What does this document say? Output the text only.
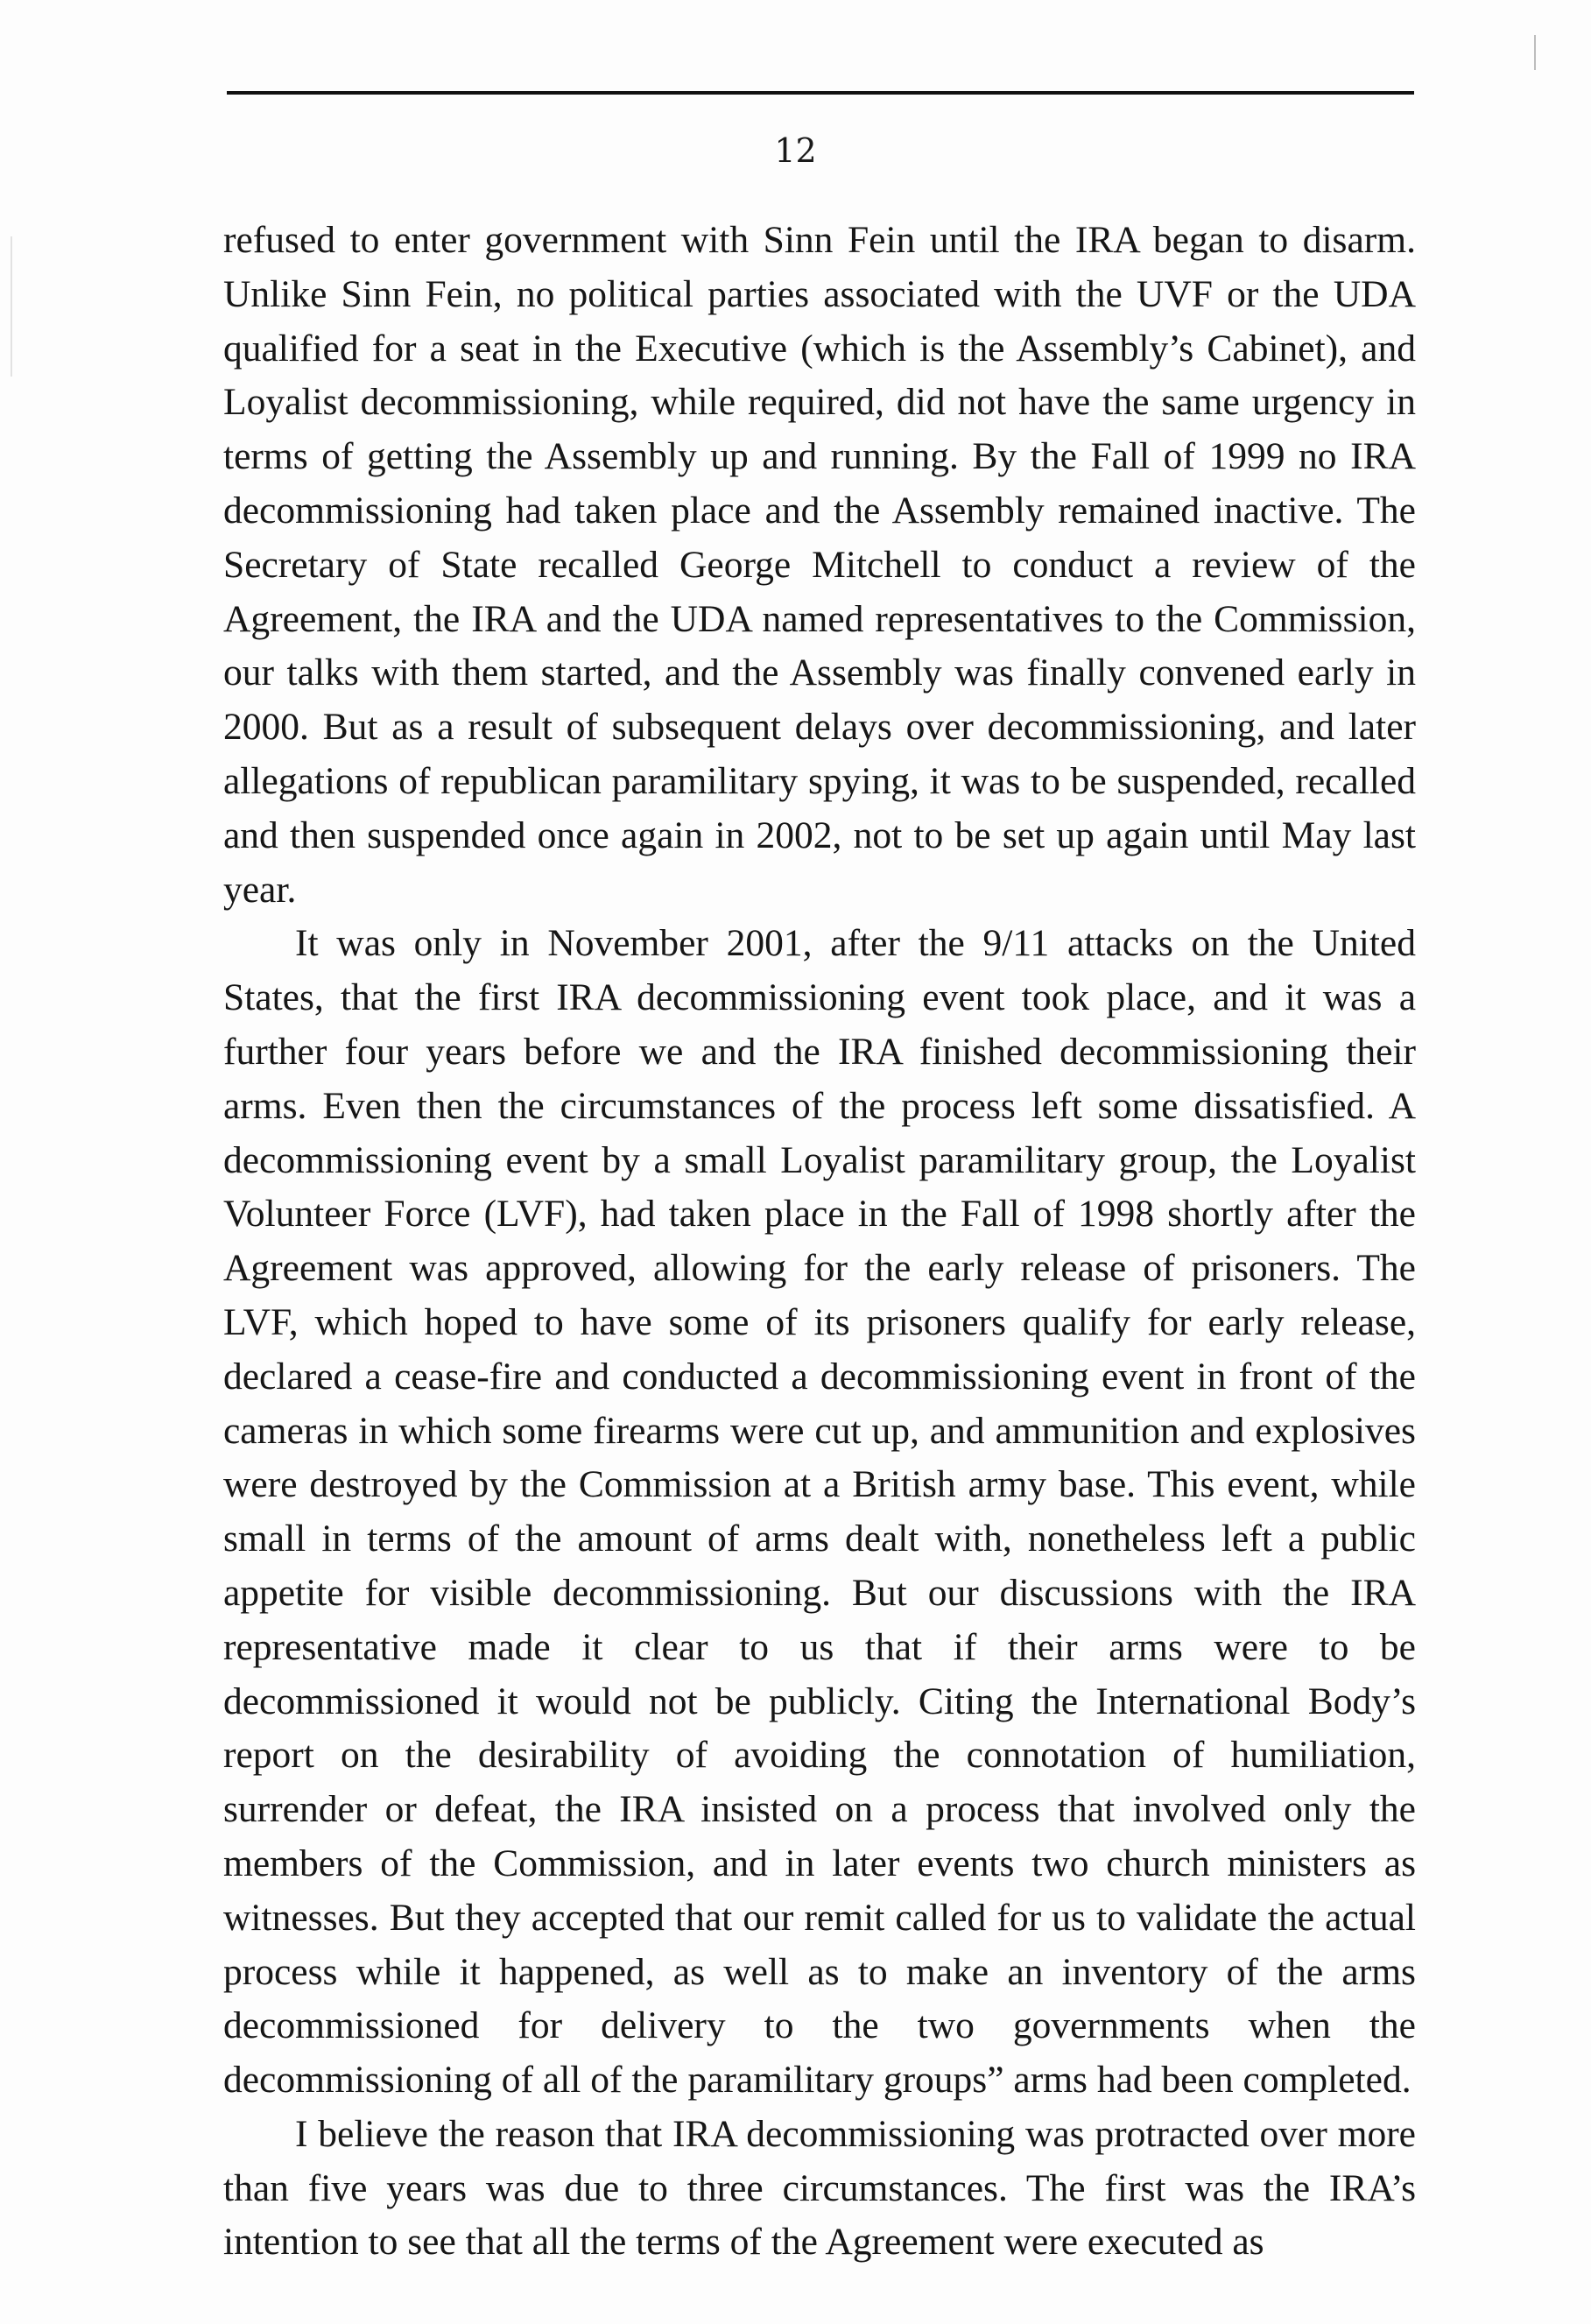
12

refused to enter government with Sinn Fein until the IRA began to disarm. Unlike Sinn Fein, no political parties associated with the UVF or the UDA qualified for a seat in the Executive (which is the Assembly’s Cabinet), and Loyalist decommissioning, while required, did not have the same urgency in terms of getting the Assembly up and running. By the Fall of 1999 no IRA decommissioning had taken place and the Assembly remained inactive. The Secretary of State recalled George Mitchell to conduct a review of the Agreement, the IRA and the UDA named representatives to the Commission, our talks with them started, and the Assembly was finally convened early in 2000. But as a result of subsequent delays over decommissioning, and later allegations of republican paramilitary spying, it was to be suspended, recalled and then suspended once again in 2002, not to be set up again until May last year.

It was only in November 2001, after the 9/11 attacks on the United States, that the first IRA decommissioning event took place, and it was a further four years before we and the IRA finished decommissioning their arms. Even then the circumstances of the process left some dissatisfied. A decommissioning event by a small Loyalist paramilitary group, the Loyalist Volunteer Force (LVF), had taken place in the Fall of 1998 shortly after the Agreement was approved, allowing for the early release of prisoners. The LVF, which hoped to have some of its prisoners qualify for early release, declared a cease-fire and conducted a decommissioning event in front of the cameras in which some firearms were cut up, and ammunition and explosives were destroyed by the Commission at a British army base. This event, while small in terms of the amount of arms dealt with, nonetheless left a public appetite for visible decommissioning. But our discussions with the IRA representative made it clear to us that if their arms were to be decommissioned it would not be publicly. Citing the International Body’s report on the desirability of avoiding the connotation of humiliation, surrender or defeat, the IRA insisted on a process that involved only the members of the Commission, and in later events two church ministers as witnesses. But they accepted that our remit called for us to validate the actual process while it happened, as well as to make an inventory of the arms decommissioned for delivery to the two governments when the decommissioning of all of the paramilitary groups” arms had been completed.

I believe the reason that IRA decommissioning was protracted over more than five years was due to three circumstances. The first was the IRA’s intention to see that all the terms of the Agreement were executed as
